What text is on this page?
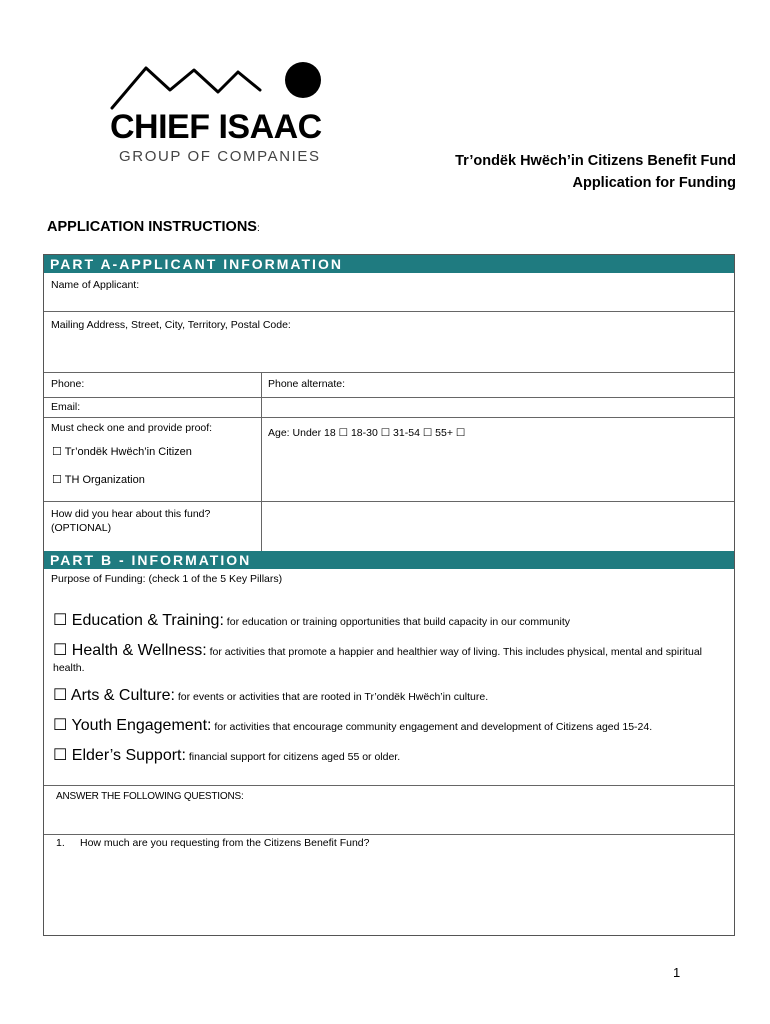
CHIEF ISAAC
GROUP OF COMPANIES	Tr’ondëk Hwëch’in Citizens Benefit Fund
Application for Funding
APPLICATION INSTRUCTIONS:
PART A-APPLICANT INFORMATION
Name of Applicant:
Mailing Address, Street, City, Territory, Postal Code:
Phone:	Phone alternate:
Email:
Must check one and provide proof:
☐ Tr’ondëk Hwëch’in Citizen
☐ TH Organization
Age: Under 18 ☐ 18-30 ☐ 31-54 ☐ 55+ ☐
How did you hear about this fund?
(OPTIONAL)
PART B - INFORMATION
Purpose of Funding: (check 1 of the 5 Key Pillars)
☐ Education & Training: for education or training opportunities that build capacity in our community
☐ Health & Wellness: for activities that promote a happier and healthier way of living. This includes physical, mental and spiritual health.
☐ Arts & Culture: for events or activities that are rooted in Tr’ondëk Hwëch’in culture.
☐ Youth Engagement: for activities that encourage community engagement and development of Citizens aged 15-24.
☐ Elder’s Support: financial support for citizens aged 55 or older.
ANSWER THE FOLLOWING QUESTIONS:
1. How much are you requesting from the Citizens Benefit Fund?
1
